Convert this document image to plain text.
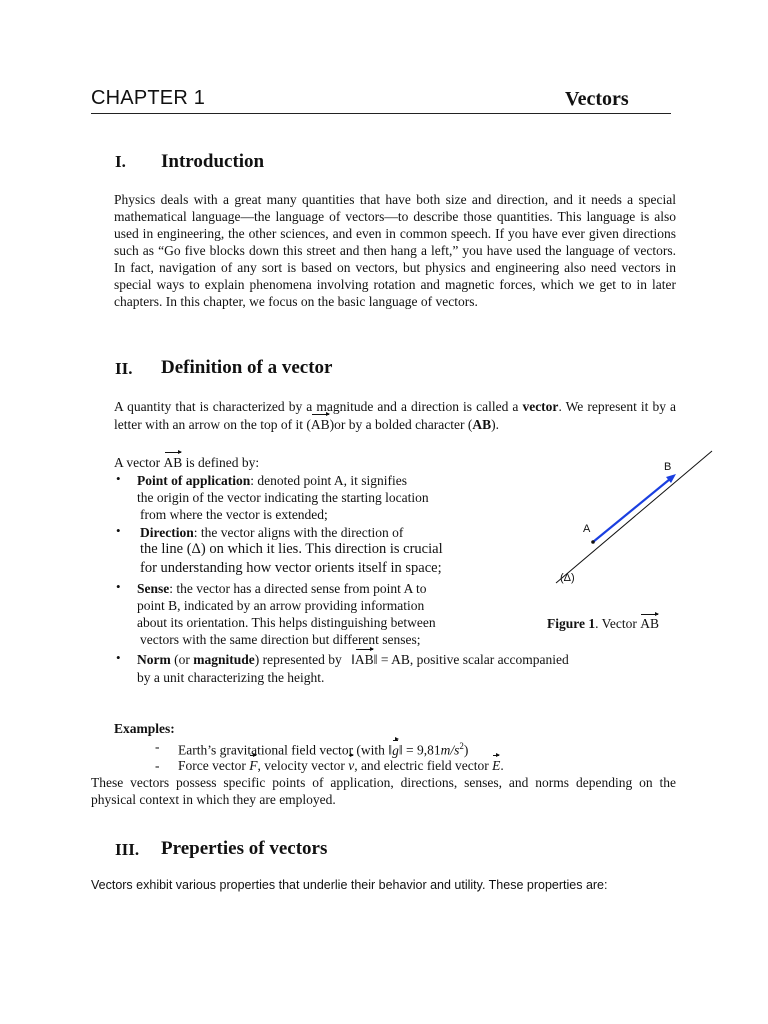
CHAPTER 1	Vectors
I. Introduction
Physics deals with a great many quantities that have both size and direction, and it needs a special mathematical language—the language of vectors—to describe those quantities. This language is also used in engineering, the other sciences, and even in common speech. If you have ever given directions such as “Go five blocks down this street and then hang a left,” you have used the language of vectors. In fact, navigation of any sort is based on vectors, but physics and engineering also need vectors in special ways to explain phenomena involving rotation and magnetic forces, which we get to in later chapters. In this chapter, we focus on the basic language of vectors.
II. Definition of a vector
A quantity that is characterized by a magnitude and a direction is called a vector. We represent it by a letter with an arrow on the top of it (AB)or by a bolded character (AB).
A vector AB is defined by:
• Point of application: denoted point A, it signifies
the origin of the vector indicating the starting location
from where the vector is extended;
• Direction: the vector aligns with the direction of
the line (Δ) on which it lies. This direction is crucial
for understanding how vector orients itself in space;
• Sense: the vector has a directed sense from point A to
point B, indicated by an arrow providing information
about its orientation. This helps distinguishing between
vectors with the same direction but different senses;
• Norm (or magnitude) represented by ‖AB‖ = AB, positive scalar accompanied
by a unit characterizing the height.
B
A
(Δ)
Figure 1. Vector AB
Examples:
- Earth’s gravitational field vector (with ‖g‖ = $9,81m/s^2$)
- Force vector F, velocity vector v, and electric field vector E.
These vectors possess specific points of application, directions, senses, and norms depending on the physical context in which they are employed.
III. Preperties of vectors
Vectors exhibit various properties that underlie their behavior and utility. These properties are:
